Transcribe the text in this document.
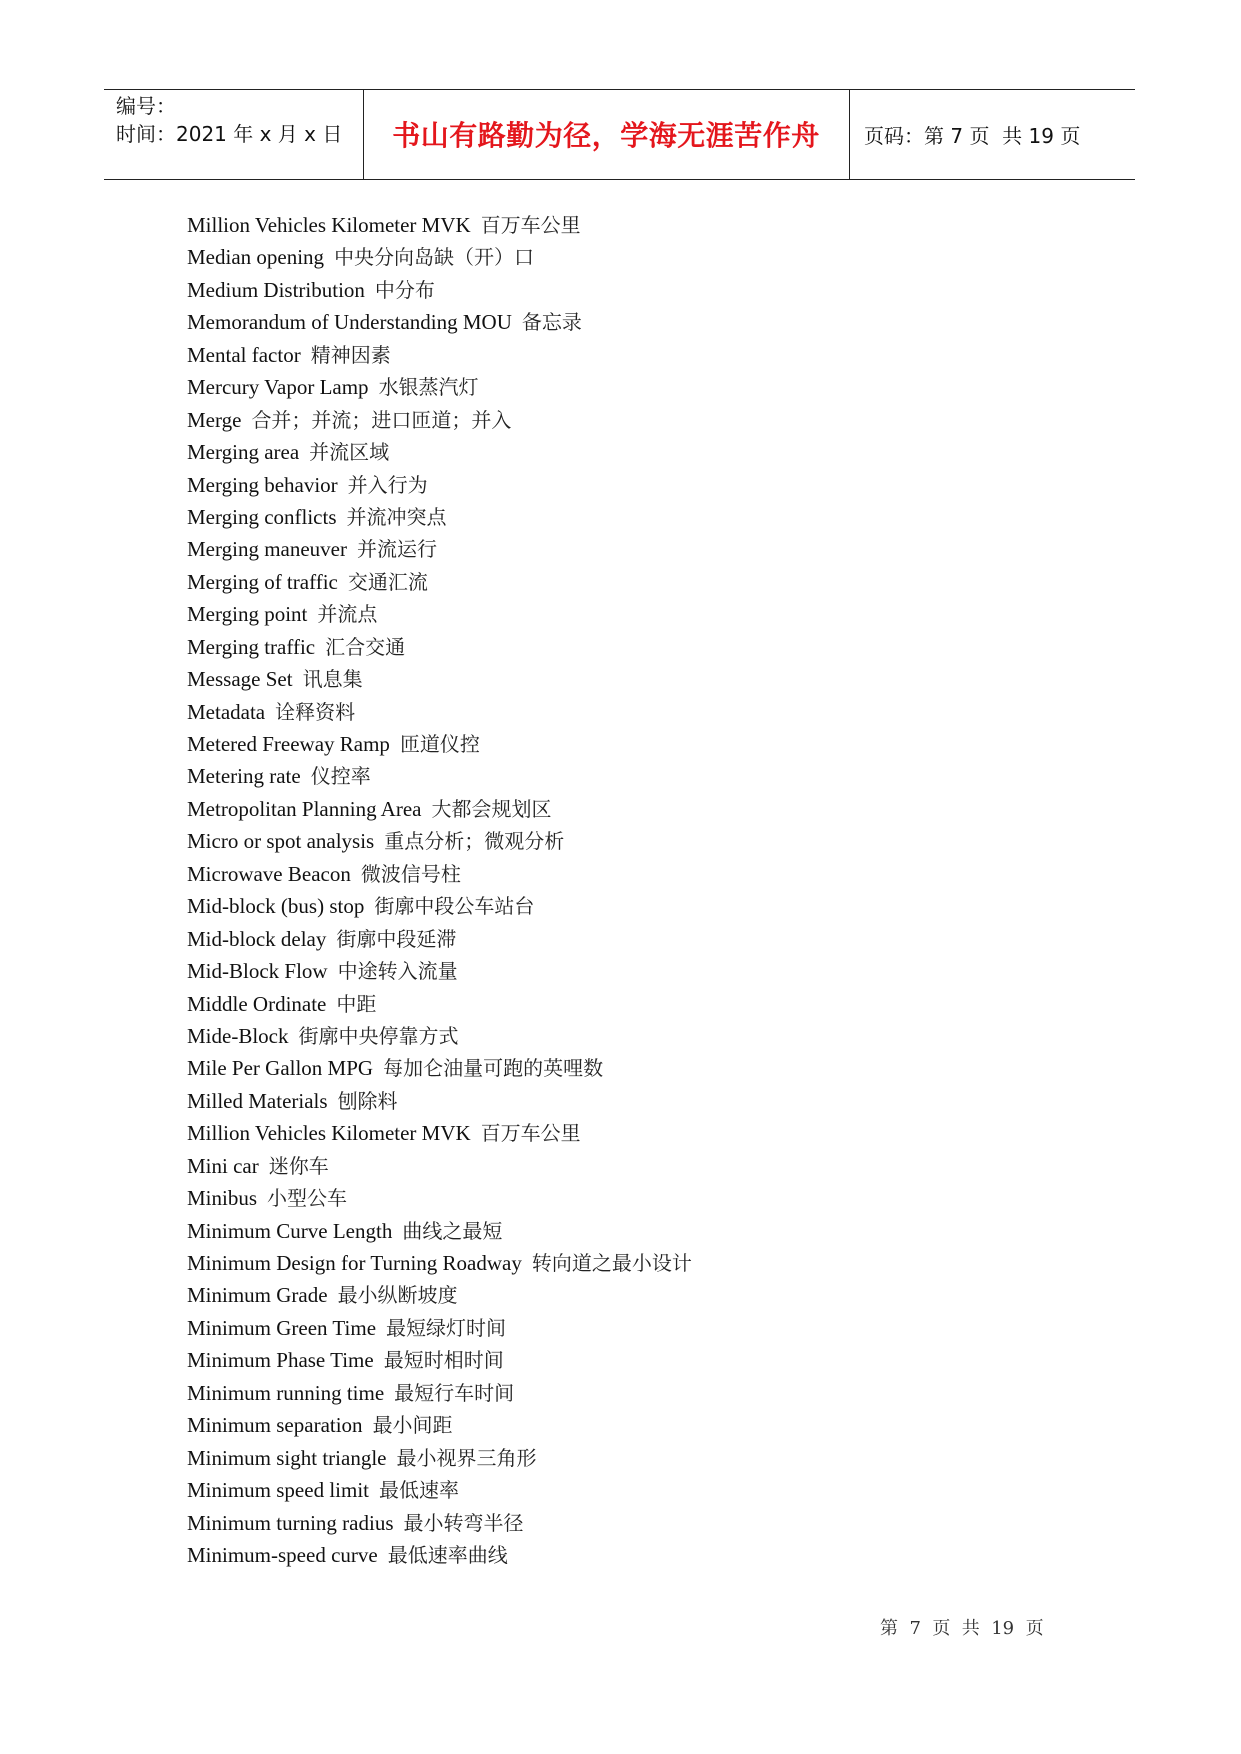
编号：
时间：2021 年 x 月 x 日	书山有路勤为径，学海无涯苦作舟	页码：第 7 页  共 19 页
Million Vehicles Kilometer MVK 百万车公里
Median opening 中央分向岛缺（开）口
Medium Distribution 中分布
Memorandum of Understanding MOU 备忘录
Mental factor 精神因素
Mercury Vapor Lamp 水银蒸汽灯
Merge 合并；并流；进口匝道；并入
Merging area 并流区域
Merging behavior 并入行为
Merging conflicts 并流冲突点
Merging maneuver 并流运行
Merging of traffic 交通汇流
Merging point 并流点
Merging traffic 汇合交通
Message Set 讯息集
Metadata 诠释资料
Metered Freeway Ramp 匝道仪控
Metering rate 仪控率
Metropolitan Planning Area 大都会规划区
Micro or spot analysis 重点分析；微观分析
Microwave Beacon 微波信号柱
Mid-block (bus) stop 街廓中段公车站台
Mid-block delay 街廓中段延滞
Mid-Block Flow 中途转入流量
Middle Ordinate 中距
Mide-Block 街廓中央停靠方式
Mile Per Gallon MPG 每加仑油量可跑的英哩数
Milled Materials 刨除料
Million Vehicles Kilometer MVK 百万车公里
Mini car 迷你车
Minibus 小型公车
Minimum Curve Length 曲线之最短
Minimum Design for Turning Roadway 转向道之最小设计
Minimum Grade 最小纵断坡度
Minimum Green Time 最短绿灯时间
Minimum Phase Time 最短时相时间
Minimum running time 最短行车时间
Minimum separation 最小间距
Minimum sight triangle 最小视界三角形
Minimum speed limit 最低速率
Minimum turning radius 最小转弯半径
Minimum-speed curve 最低速率曲线
第  7  页  共  19  页
